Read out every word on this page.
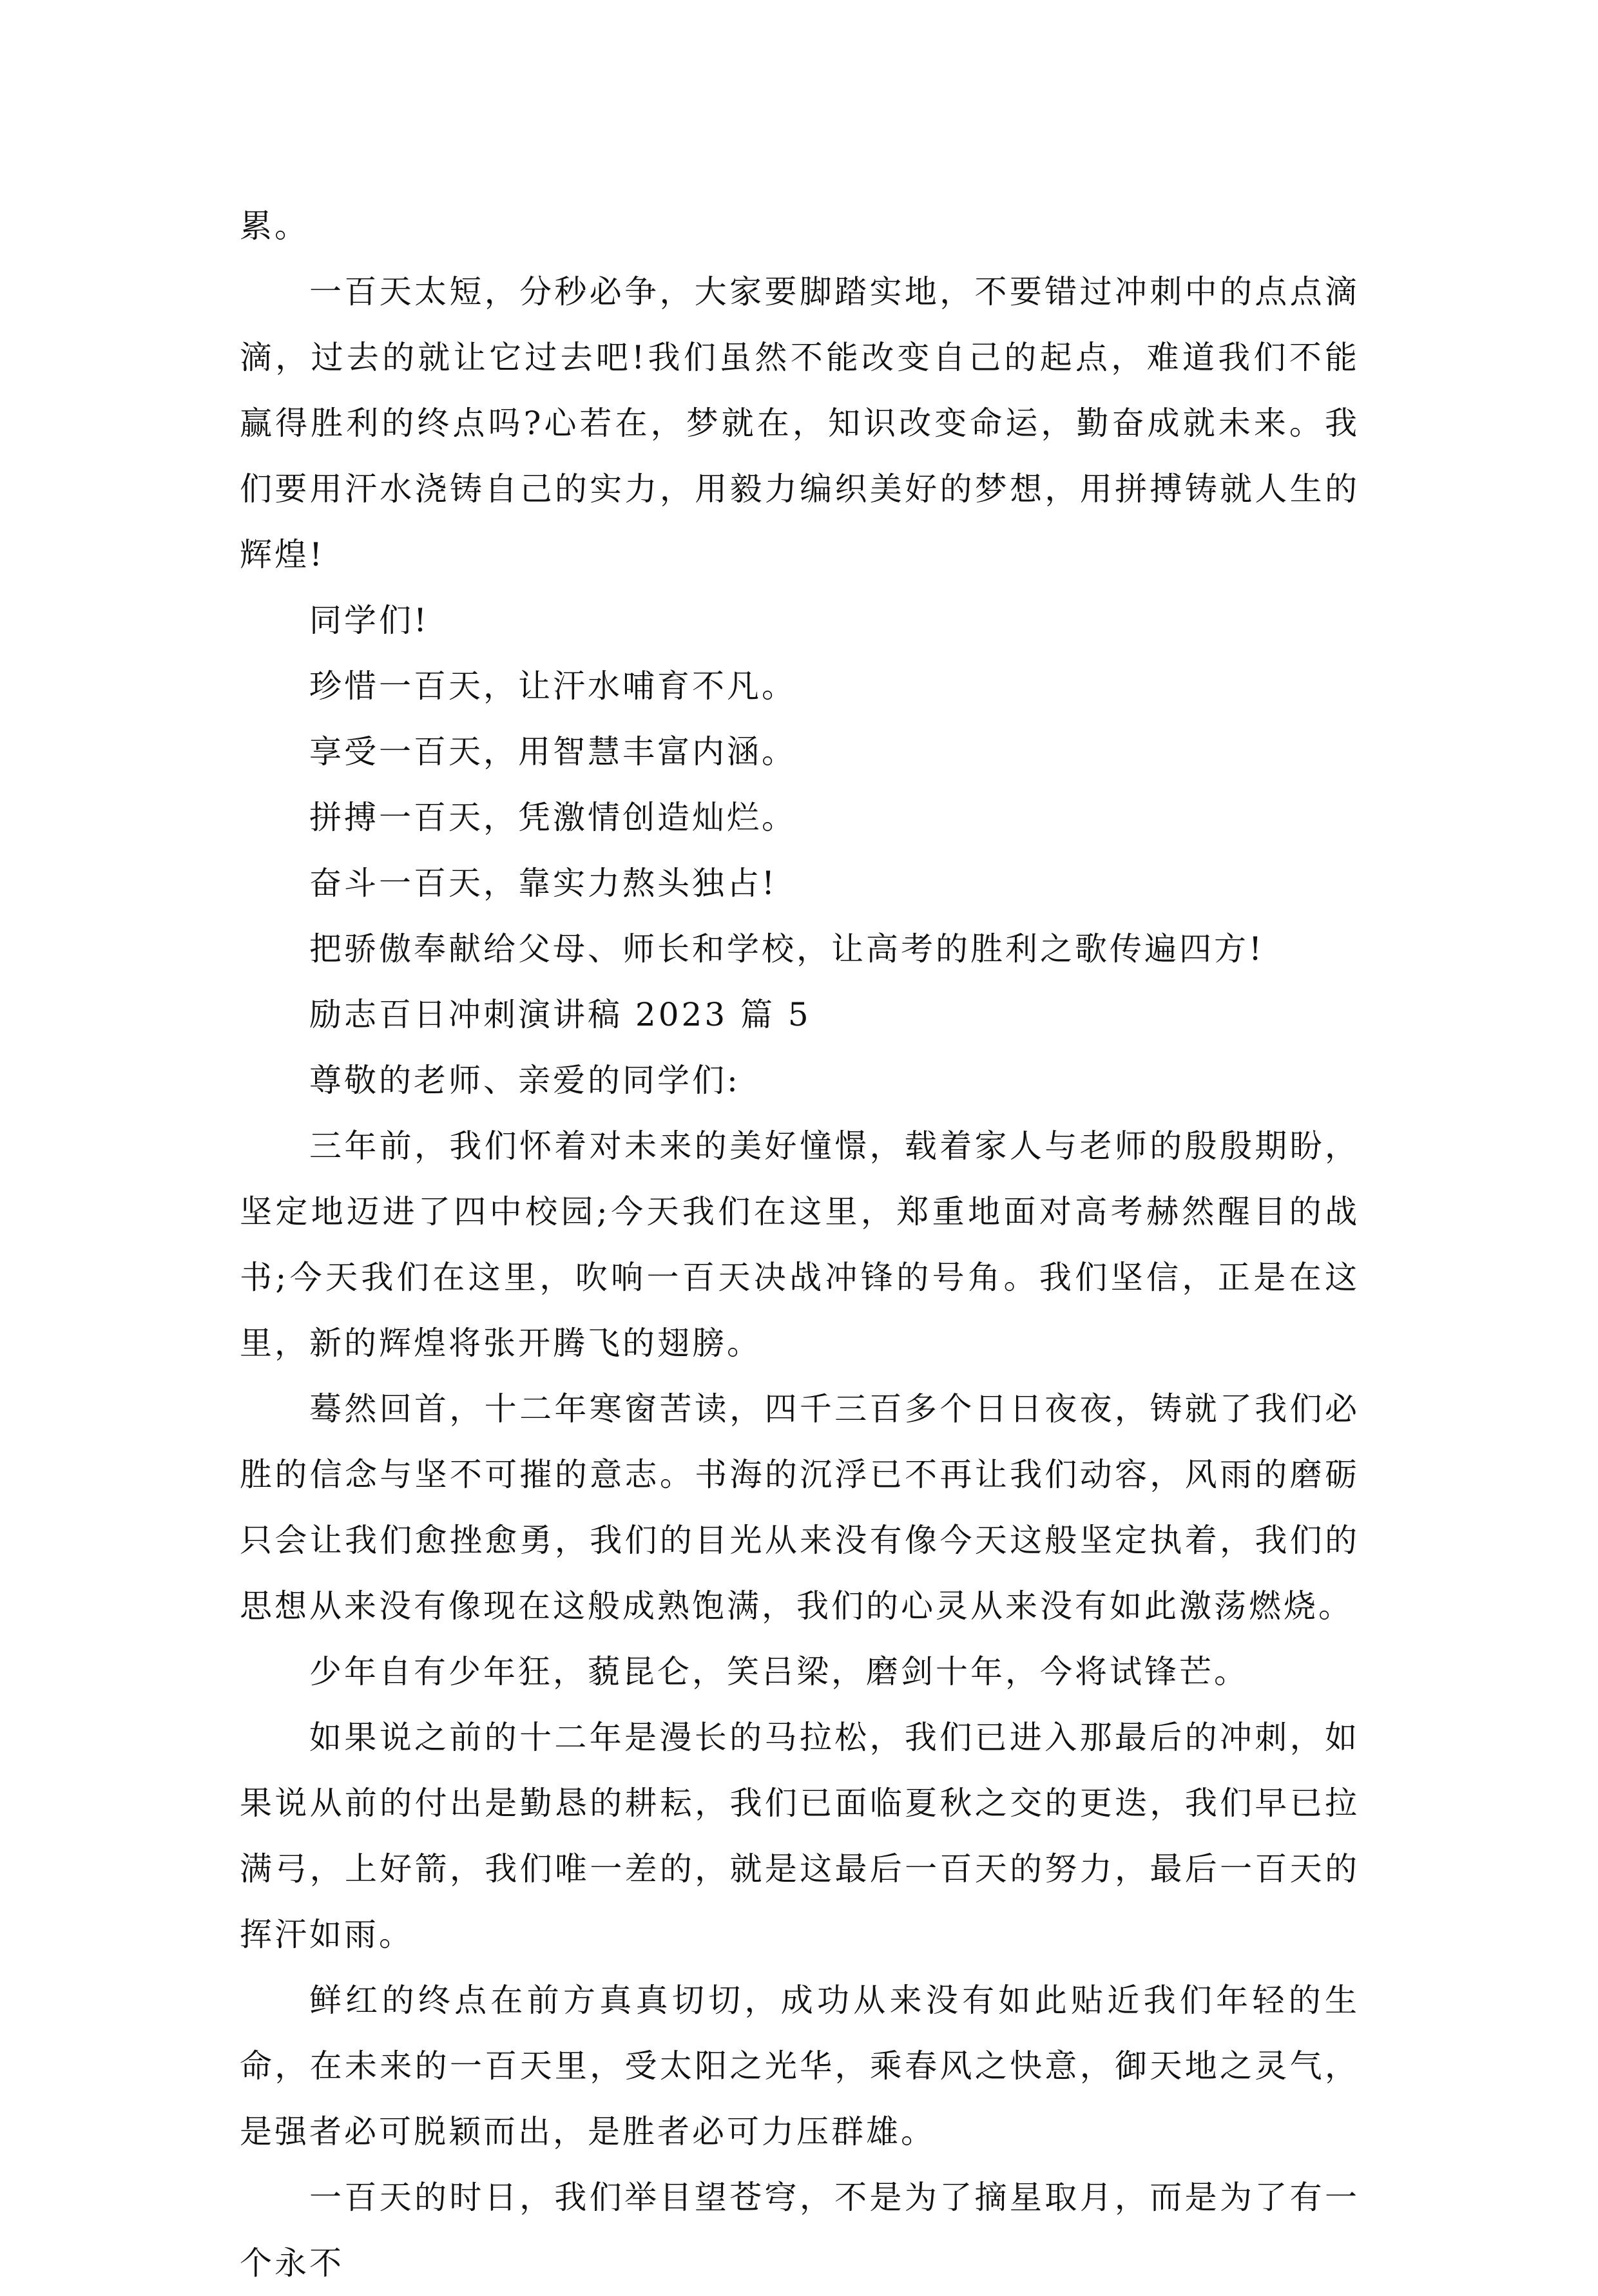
累。

一百天太短，分秒必争，大家要脚踏实地，不要错过冲刺中的点点滴滴，过去的就让它过去吧!我们虽然不能改变自己的起点，难道我们不能赢得胜利的终点吗?心若在，梦就在，知识改变命运，勤奋成就未来。我们要用汗水浇铸自己的实力，用毅力编织美好的梦想，用拼搏铸就人生的辉煌!

同学们!

珍惜一百天，让汗水哺育不凡。

享受一百天，用智慧丰富内涵。

拼搏一百天，凭激情创造灿烂。

奋斗一百天，靠实力熬头独占!

把骄傲奉献给父母、师长和学校，让高考的胜利之歌传遍四方!

励志百日冲刺演讲稿 2023 篇 5

尊敬的老师、亲爱的同学们:

三年前，我们怀着对未来的美好憧憬，载着家人与老师的殷殷期盼，坚定地迈进了四中校园;今天我们在这里，郑重地面对高考赫然醒目的战书;今天我们在这里，吹响一百天决战冲锋的号角。我们坚信，正是在这里，新的辉煌将张开腾飞的翅膀。

蓦然回首，十二年寒窗苦读，四千三百多个日日夜夜，铸就了我们必胜的信念与坚不可摧的意志。书海的沉浮已不再让我们动容，风雨的磨砺只会让我们愈挫愈勇，我们的目光从来没有像今天这般坚定执着，我们的思想从来没有像现在这般成熟饱满，我们的心灵从来没有如此激荡燃烧。

少年自有少年狂，藐昆仑，笑吕梁，磨剑十年，今将试锋芒。

如果说之前的十二年是漫长的马拉松，我们已进入那最后的冲刺，如果说从前的付出是勤恳的耕耘，我们已面临夏秋之交的更迭，我们早已拉满弓，上好箭，我们唯一差的，就是这最后一百天的努力，最后一百天的挥汗如雨。

鲜红的终点在前方真真切切，成功从来没有如此贴近我们年轻的生命，在未来的一百天里，受太阳之光华，乘春风之快意，御天地之灵气，是强者必可脱颖而出，是胜者必可力压群雄。

一百天的时日，我们举目望苍穹，不是为了摘星取月，而是为了有一个永不
